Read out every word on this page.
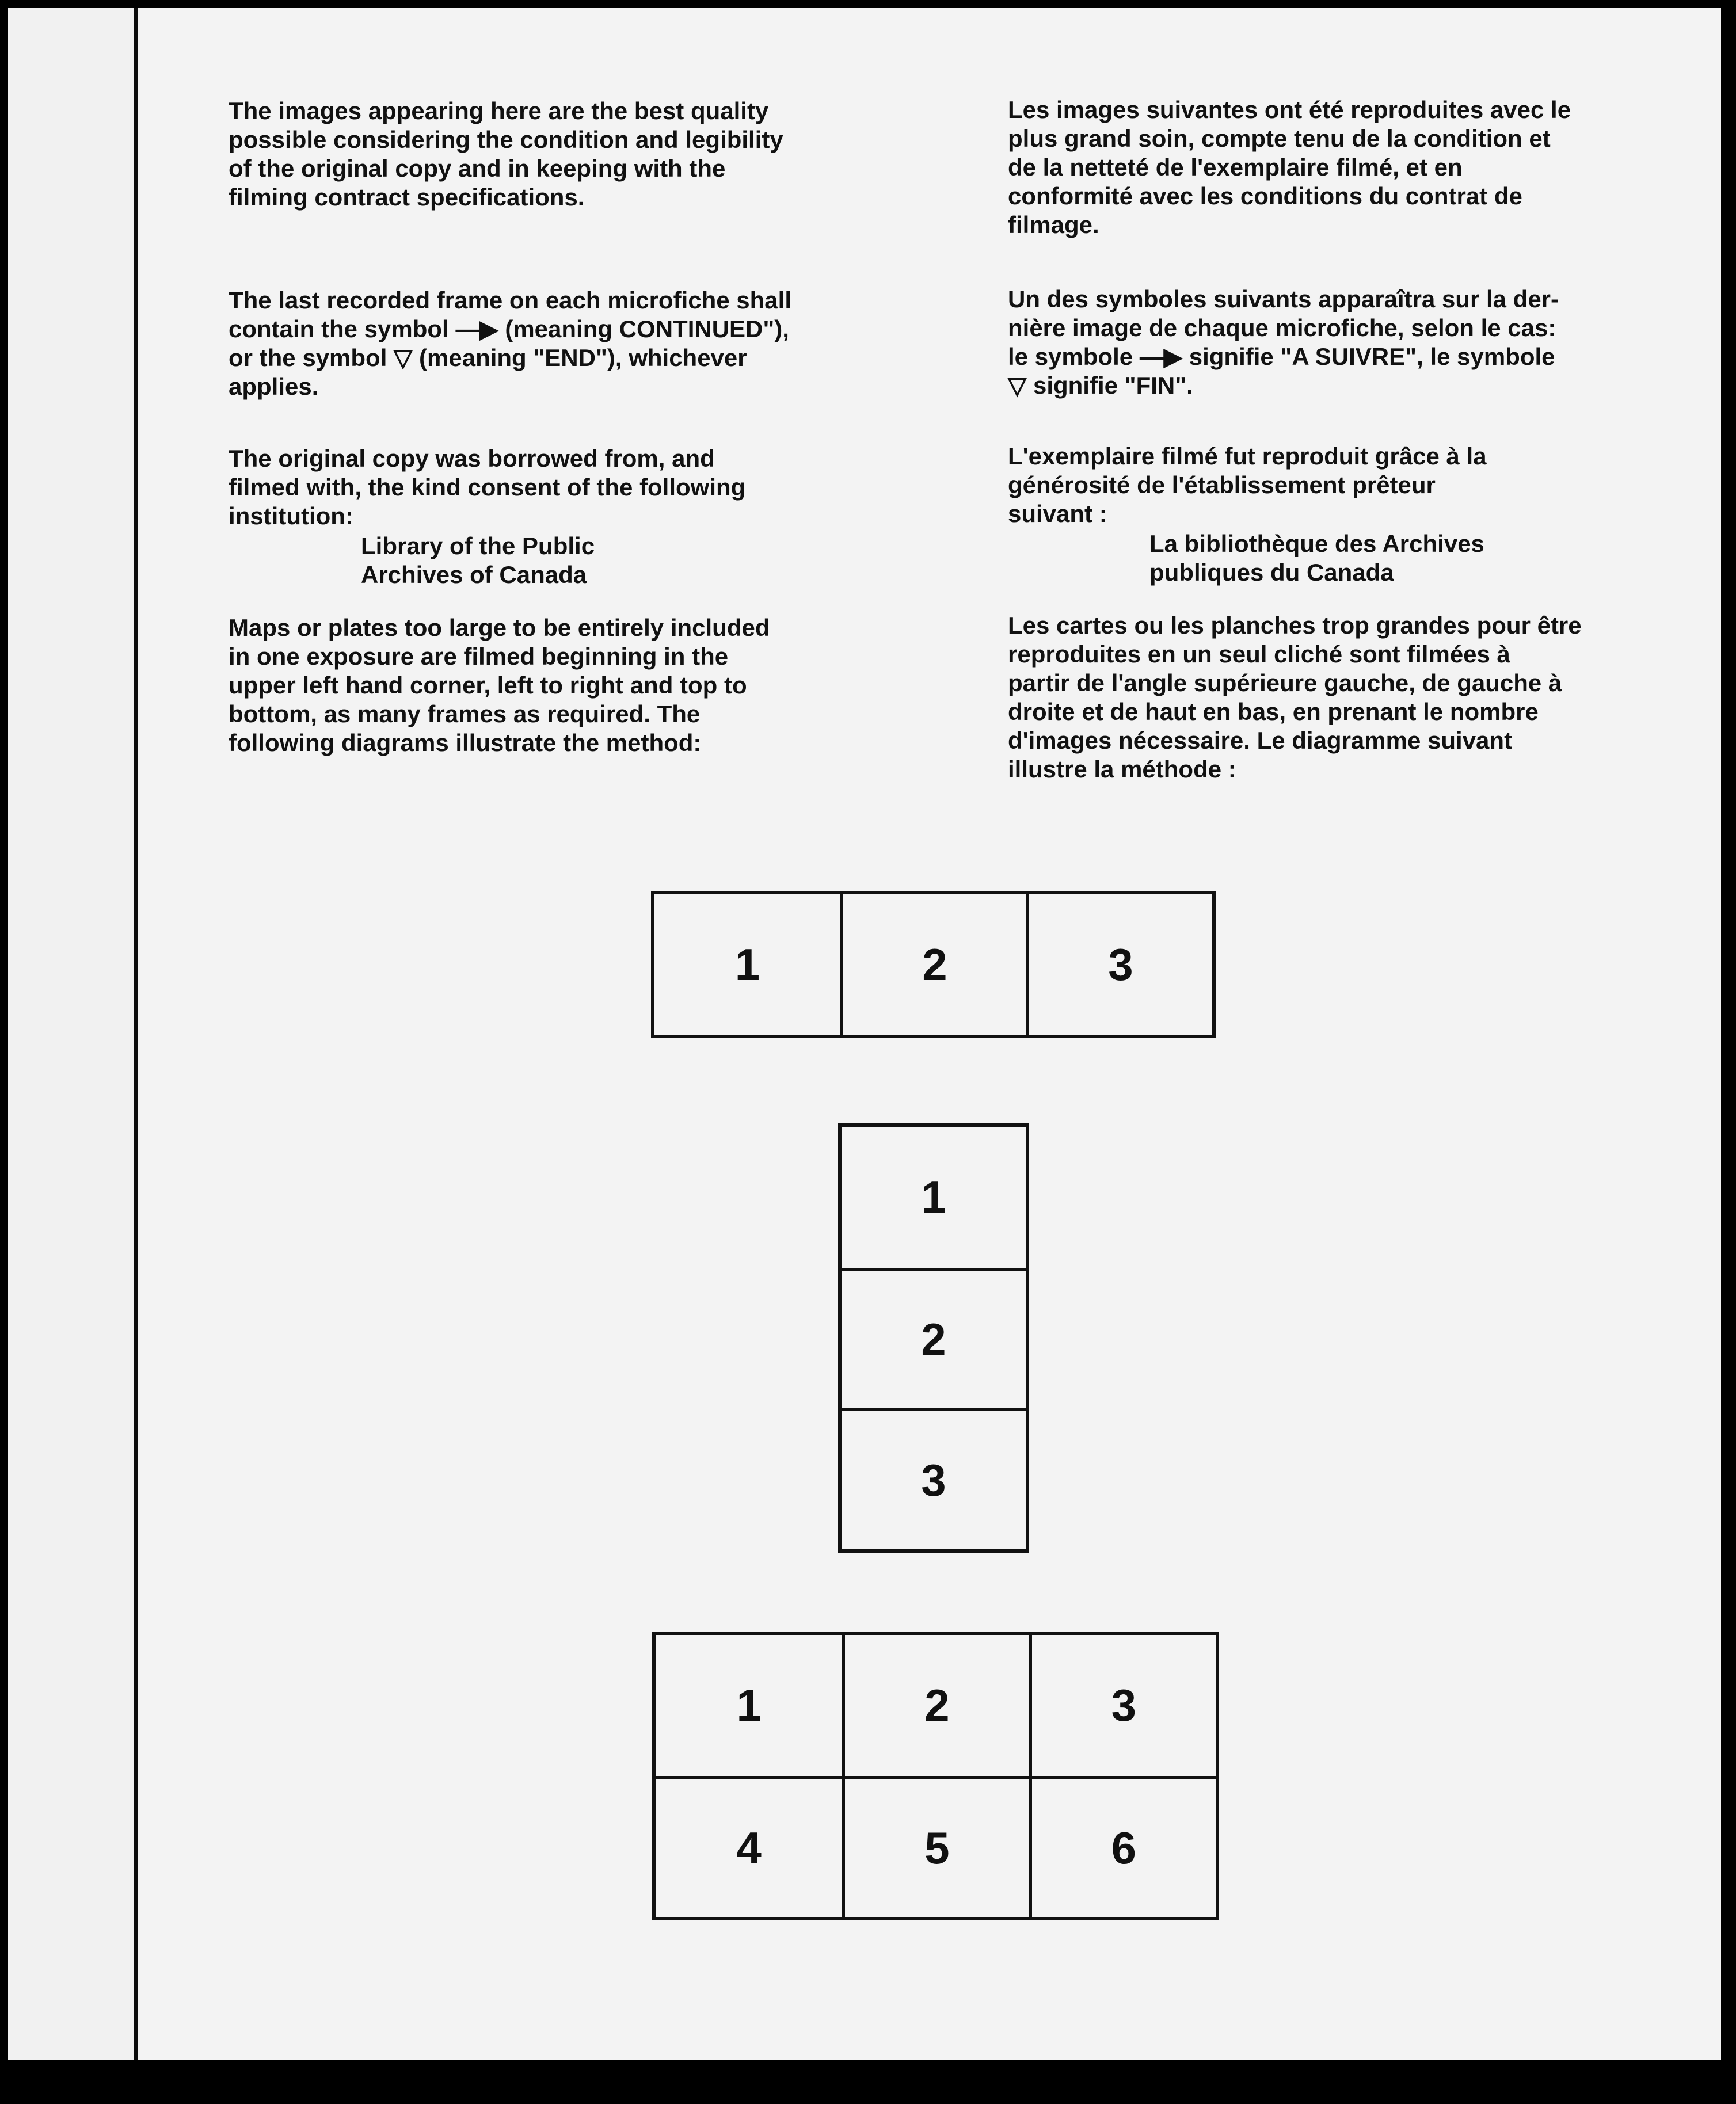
The images appearing here are the best quality
possible considering the condition and legibility
of the original copy and in keeping with the
filming contract specifications.
The last recorded frame on each microfiche shall
contain the symbol —▶ (meaning CONTINUED"),
or the symbol ▽ (meaning "END"), whichever
applies.
The original copy was borrowed from, and
filmed with, the kind consent of the following
institution:
Library of the Public
Archives of Canada
Maps or plates too large to be entirely included
in one exposure are filmed beginning in the
upper left hand corner, left to right and top to
bottom, as many frames as required. The
following diagrams illustrate the method:
Les images suivantes ont été reproduites avec le
plus grand soin, compte tenu de la condition et
de la netteté de l'exemplaire filmé, et en
conformité avec les conditions du contrat de
filmage.
Un des symboles suivants apparaîtra sur la der-
nière image de chaque microfiche, selon le cas:
le symbole —▶ signifie "A SUIVRE", le symbole
▽ signifie "FIN".
L'exemplaire filmé fut reproduit grâce à la
générosité de l'établissement prêteur
suivant :
La bibliothèque des Archives
publiques du Canada
Les cartes ou les planches trop grandes pour être
reproduites en un seul cliché sont filmées à
partir de l'angle supérieure gauche, de gauche à
droite et de haut en bas, en prenant le nombre
d'images nécessaire. Le diagramme suivant
illustre la méthode :
1	2	3
1
2
3
1	2	3
4	5	6
